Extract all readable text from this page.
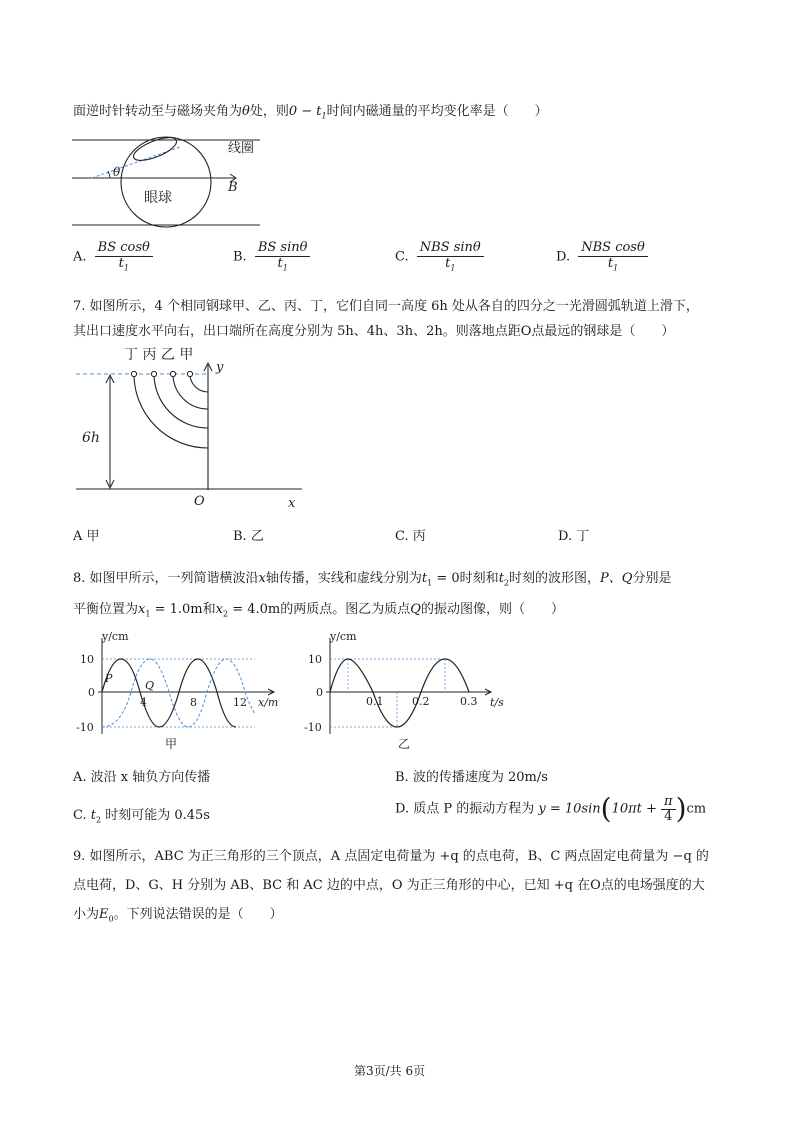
面逆时针转动至与磁场夹角为θ处，则$0 - t_1$时间内磁通量的平均变化率是（　　）
θ
线圈
眼球
B
A. $\frac{\text{BS cosθ}}{t_1}$	B. $\frac{\text{BS sinθ}}{t_1}$	C. $\frac{\text{NBS sinθ}}{t_1}$	D. $\frac{\text{NBS cosθ}}{t_1}$
7. 如图所示，4 个相同钢球甲、乙、丙、丁，它们自同一高度 6h 处从各自的四分之一光滑圆弧轨道上滑下，
其出口速度水平向右，出口端所在高度分别为 5h、4h、3h、2h。则落地点距O点最远的钢球是（　　）
丁 丙 乙 甲
y
6h
O	x
A 甲	B. 乙	C. 丙	D. 丁
8. 如图甲所示，一列简谐横波沿x轴传播，实线和虚线分别为$t_1 = 0$时刻和$t_2$时刻的波形图，P、Q分别是
平衡位置为$x_1 = 1.0m$和$x_2 = 4.0m$的两质点。图乙为质点Q的振动图像，则（　　）
y/cm
10
0
-10
4	8	12 x/m
P
Q
甲
y/cm
10
0
-10
0.1	0.2	0.3 t/s
乙
A. 波沿 x 轴负方向传播	B. 波的传播速度为 20m/s
C. $t_2$ 时刻可能为 0.45s	D. 质点 P 的振动方程为 $y = 10\sin(10\pi t + \frac{\pi}{4} )cm$
9. 如图所示，ABC 为正三角形的三个顶点，A 点固定电荷量为 +q 的点电荷，B、C 两点固定电荷量为 −q 的
点电荷，D、G、H 分别为 AB、BC 和 AC 边的中点，O 为正三角形的中心，已知 +q 在O点的电场强度的大
小为$E_0$。下列说法错误的是（　　）
第3页/共 6页
